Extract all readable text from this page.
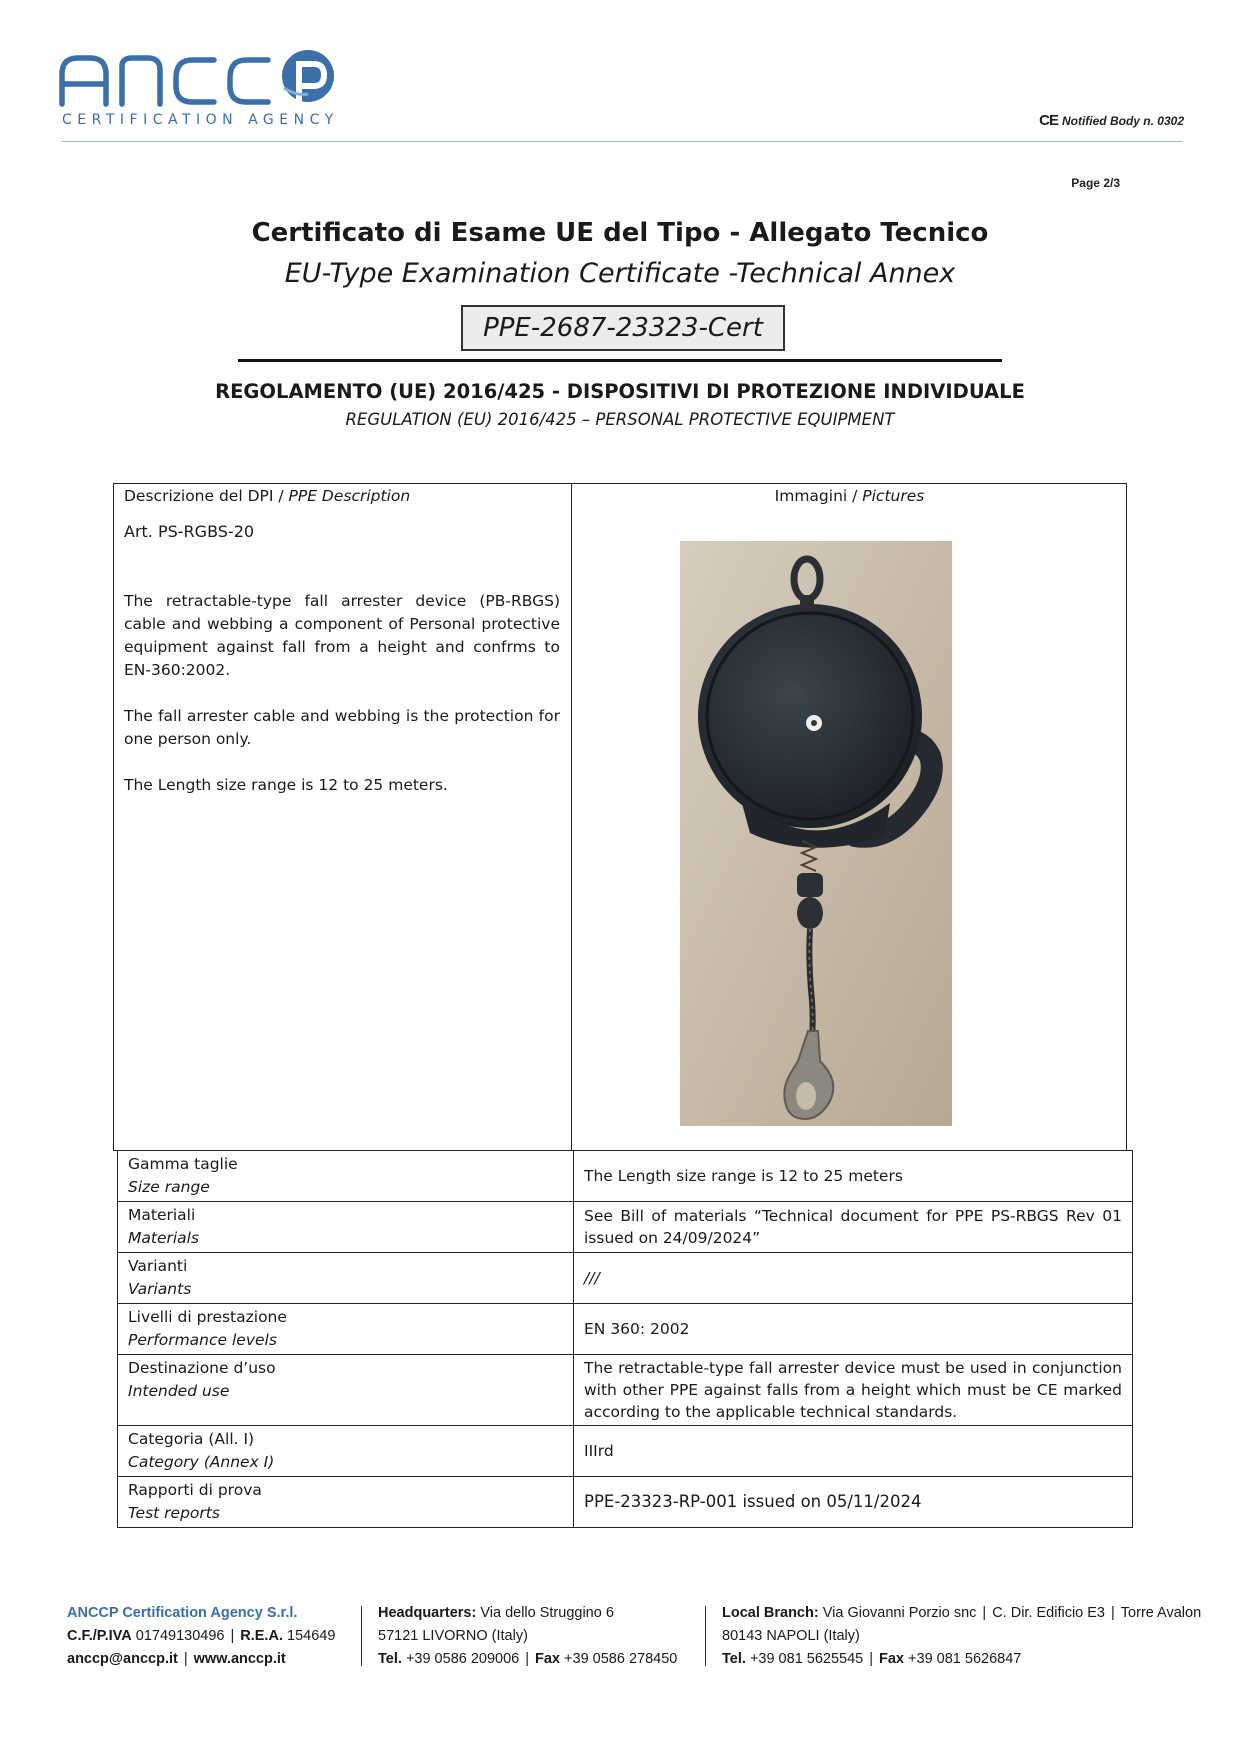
CERTIFICATION AGENCY	CE Notified Body n. 0302
Page 2/3
Certificato di Esame UE del Tipo - Allegato Tecnico
EU-Type Examination Certificate -Technical Annex
PPE-2687-23323-Cert
REGOLAMENTO (UE) 2016/425 - DISPOSITIVI DI PROTEZIONE INDIVIDUALE
REGULATION (EU) 2016/425 – PERSONAL PROTECTIVE EQUIPMENT
Descrizione del DPI / PPE Description
Art. PS-RGBS-20

The retractable-type fall arrester device (PB-RBGS) cable and webbing a component of Personal protective equipment against fall from a height and confrms to EN-360:2002.

The fall arrester cable and webbing is the protection for one person only.

The Length size range is 12 to 25 meters.

Immagini / Pictures
Gamma taglie
Size range	The Length size range is 12 to 25 meters

Materiali
Materials	See Bill of materials “Technical document for PPE PS-RBGS Rev 01 issued on 24/09/2024”

Varianti
Variants	///

Livelli di prestazione
Performance levels	EN 360: 2002

Destinazione d’uso
Intended use	The retractable-type fall arrester device must be used in conjunction with other PPE against falls from a height which must be CE marked according to the applicable technical standards.

Categoria (All. I)
Category (Annex I)	IIIrd

Rapporti di prova
Test reports	PPE-23323-RP-001 issued on 05/11/2024
ANCCP Certification Agency S.r.l.
C.F./P.IVA 01749130496 | R.E.A. 154649
anccp@anccp.it | www.anccp.it
Headquarters: Via dello Struggino 6
57121 LIVORNO (Italy)
Tel. +39 0586 209006 | Fax +39 0586 278450
Local Branch: Via Giovanni Porzio snc | C. Dir. Edificio E3 | Torre Avalon
80143 NAPOLI (Italy)
Tel. +39 081 5625545 | Fax +39 081 5626847
